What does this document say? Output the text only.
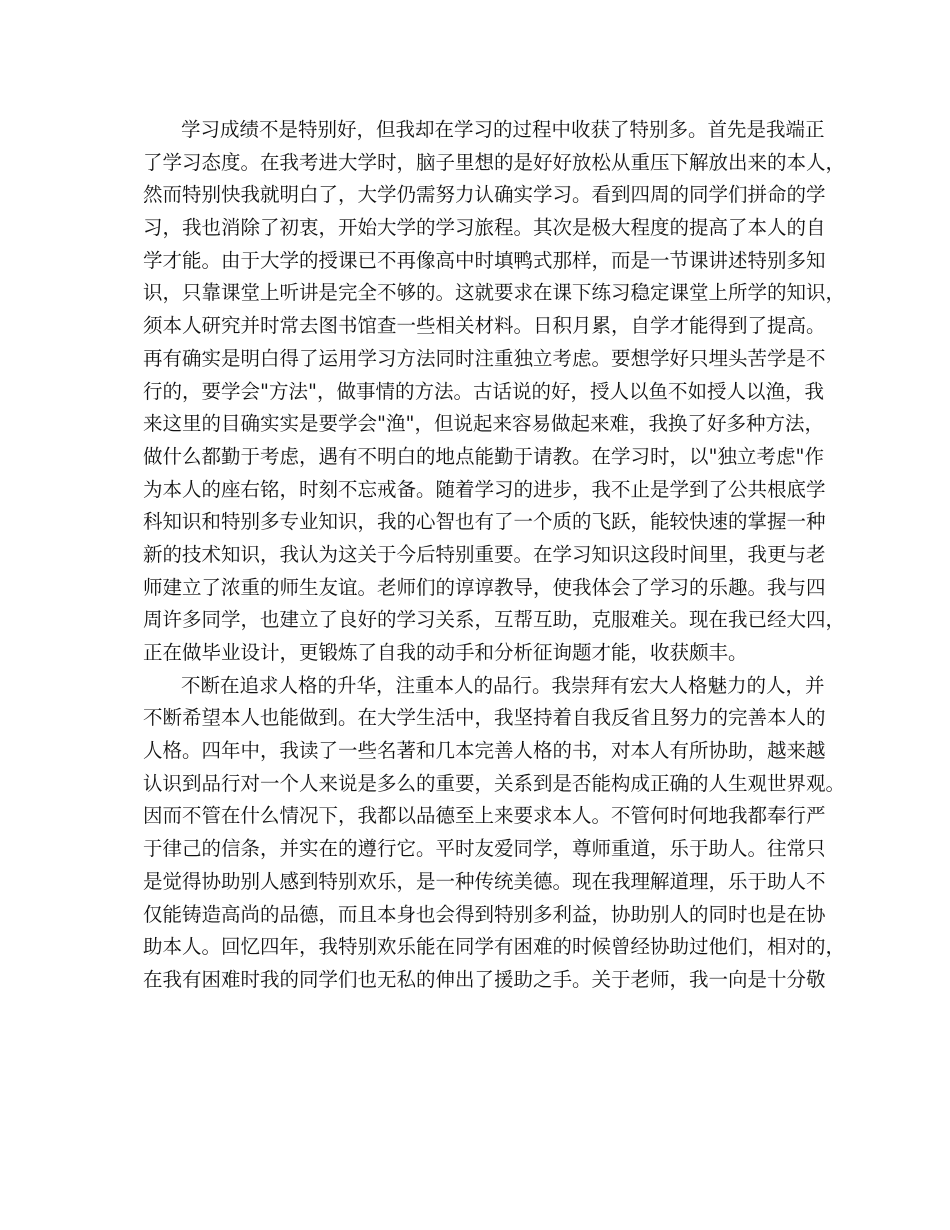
学习成绩不是特别好，但我却在学习的过程中收获了特别多。首先是我端正
了学习态度。在我考进大学时，脑子里想的是好好放松从重压下解放出来的本人，
然而特别快我就明白了，大学仍需努力认确实学习。看到四周的同学们拼命的学
习，我也消除了初衷，开始大学的学习旅程。其次是极大程度的提高了本人的自
学才能。由于大学的授课已不再像高中时填鸭式那样，而是一节课讲述特别多知
识，只靠课堂上听讲是完全不够的。这就要求在课下练习稳定课堂上所学的知识，
须本人研究并时常去图书馆查一些相关材料。日积月累，自学才能得到了提高。
再有确实是明白得了运用学习方法同时注重独立考虑。要想学好只埋头苦学是不
行的，要学会"方法"，做事情的方法。古话说的好，授人以鱼不如授人以渔，我
来这里的目确实实是要学会"渔"，但说起来容易做起来难，我换了好多种方法，
做什么都勤于考虑，遇有不明白的地点能勤于请教。在学习时，以"独立考虑"作
为本人的座右铭，时刻不忘戒备。随着学习的进步，我不止是学到了公共根底学
科知识和特别多专业知识，我的心智也有了一个质的飞跃，能较快速的掌握一种
新的技术知识，我认为这关于今后特别重要。在学习知识这段时间里，我更与老
师建立了浓重的师生友谊。老师们的谆谆教导，使我体会了学习的乐趣。我与四
周许多同学，也建立了良好的学习关系，互帮互助，克服难关。现在我已经大四，
正在做毕业设计，更锻炼了自我的动手和分析征询题才能，收获颇丰。
不断在追求人格的升华，注重本人的品行。我崇拜有宏大人格魅力的人，并
不断希望本人也能做到。在大学生活中，我坚持着自我反省且努力的完善本人的
人格。四年中，我读了一些名著和几本完善人格的书，对本人有所协助，越来越
认识到品行对一个人来说是多么的重要，关系到是否能构成正确的人生观世界观。
因而不管在什么情况下，我都以品德至上来要求本人。不管何时何地我都奉行严
于律己的信条，并实在的遵行它。平时友爱同学，尊师重道，乐于助人。往常只
是觉得协助别人感到特别欢乐，是一种传统美德。现在我理解道理，乐于助人不
仅能铸造高尚的品德，而且本身也会得到特别多利益，协助别人的同时也是在协
助本人。回忆四年，我特别欢乐能在同学有困难的时候曾经协助过他们，相对的，
在我有困难时我的同学们也无私的伸出了援助之手。关于老师，我一向是十分敬
